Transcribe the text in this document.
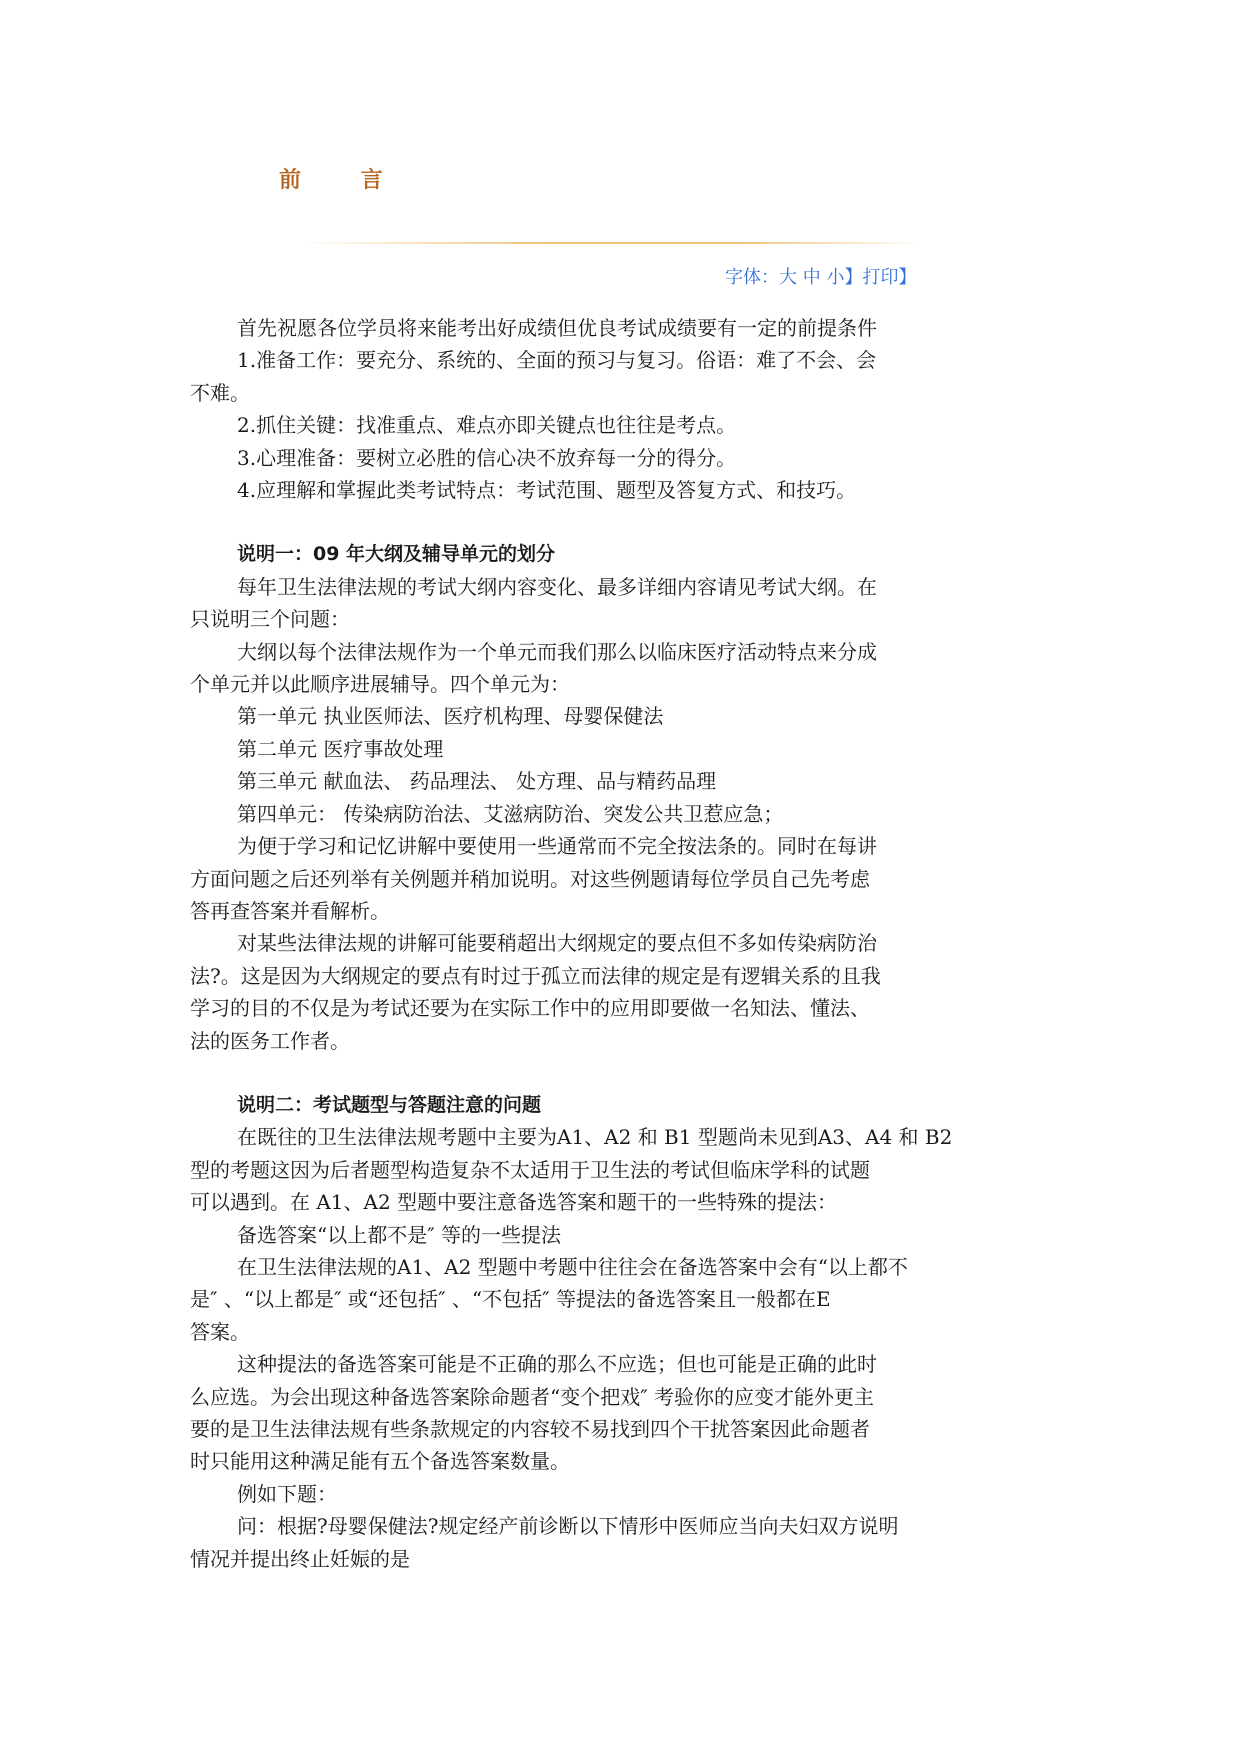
前 言
字体：大 中 小】打印】

首先祝愿各位学员将来能考出好成绩但优良考试成绩要有一定的前提条件

1.准备工作：要充分、系统的、全面的预习与复习。俗语：难了不会、会

不难。

2.抓住关键：找准重点、难点亦即关键点也往往是考点。

3.心理准备：要树立必胜的信心决不放弃每一分的得分。

4.应理解和掌握此类考试特点：考试范围、题型及答复方式、和技巧。

说明一：09 年大纲及辅导单元的划分

每年卫生法律法规的考试大纲内容变化、最多详细内容请见考试大纲。在

只说明三个问题：

大纲以每个法律法规作为一个单元而我们那么以临床医疗活动特点来分成

个单元并以此顺序进展辅导。四个单元为：

第一单元 执业医师法、医疗机构理、母婴保健法

第二单元 医疗事故处理

第三单元 献血法、 药品理法、 处方理、品与精药品理

第四单元： 传染病防治法、艾滋病防治、突发公共卫惹应急；

为便于学习和记忆讲解中要使用一些通常而不完全按法条的。同时在每讲

方面问题之后还列举有关例题并稍加说明。对这些例题请每位学员自己先考虑

答再查答案并看解析。

对某些法律法规的讲解可能要稍超出大纲规定的要点但不多如传染病防治

法?。这是因为大纲规定的要点有时过于孤立而法律的规定是有逻辑关系的且我

学习的目的不仅是为考试还要为在实际工作中的应用即要做一名知法、懂法、

法的医务工作者。

说明二：考试题型与答题注意的问题

在既往的卫生法律法规考题中主要为A1、A2 和 B1 型题尚未见到A3、A4 和 B2

型的考题这因为后者题型构造复杂不太适用于卫生法的考试但临床学科的试题

可以遇到。在 A1、A2 型题中要注意备选答案和题干的一些特殊的提法：

备选答案“以上都不是″ 等的一些提法

在卫生法律法规的A1、A2 型题中考题中往往会在备选答案中会有“以上都不

是″ 、“以上都是″ 或“还包括″ 、“不包括″ 等提法的备选答案且一般都在E

答案。

这种提法的备选答案可能是不正确的那么不应选；但也可能是正确的此时

么应选。为会出现这种备选答案除命题者“变个把戏″ 考验你的应变才能外更主

要的是卫生法律法规有些条款规定的内容较不易找到四个干扰答案因此命题者

时只能用这种满足能有五个备选答案数量。

例如下题：

问：根据?母婴保健法?规定经产前诊断以下情形中医师应当向夫妇双方说明

情况并提出终止妊娠的是
